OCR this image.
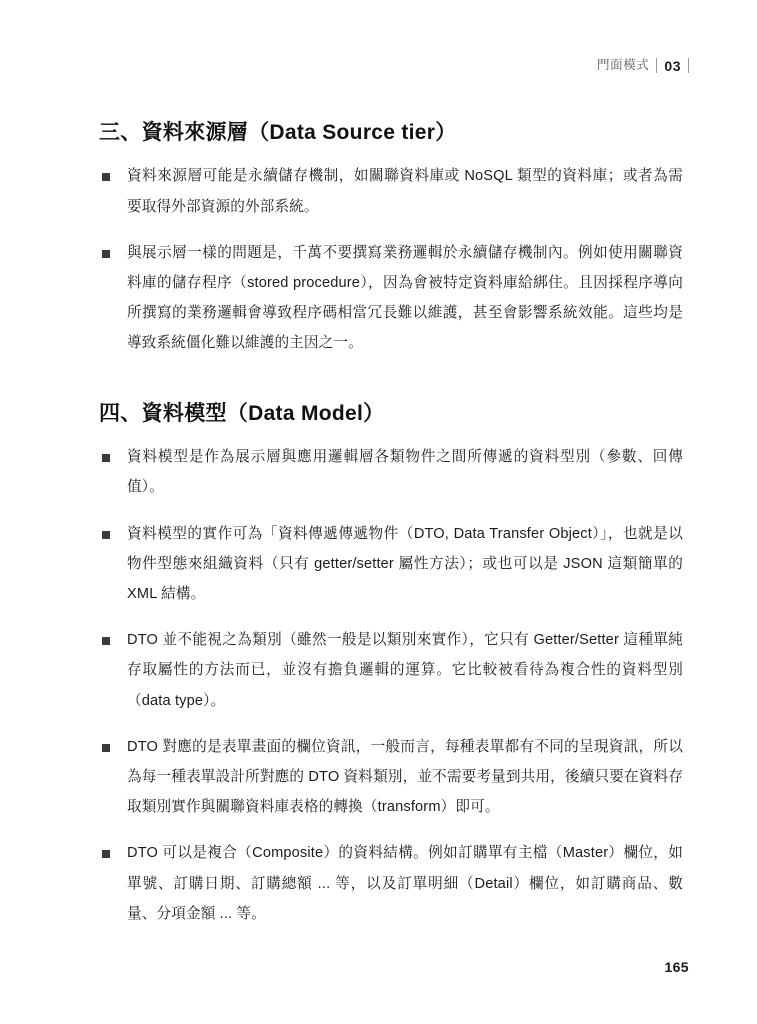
門面模式 03
三、資料來源層（Data Source tier）
資料來源層可能是永續儲存機制，如關聯資料庫或 NoSQL 類型的資料庫；或者為需要取得外部資源的外部系統。
與展示層一樣的問題是，千萬不要撰寫業務邏輯於永續儲存機制內。例如使用關聯資料庫的儲存程序（stored procedure），因為會被特定資料庫給綁住。且因採程序導向所撰寫的業務邏輯會導致程序碼相當冗長難以維護，甚至會影響系統效能。這些均是導致系統僵化難以維護的主因之一。
四、資料模型（Data Model）
資料模型是作為展示層與應用邏輯層各類物件之間所傳遞的資料型別（參數、回傳值）。
資料模型的實作可為「資料傳遞傳遞物件（DTO, Data Transfer Object）」，也就是以物件型態來組織資料（只有 getter/setter 屬性方法）；或也可以是 JSON 這類簡單的 XML 結構。
DTO 並不能視之為類別（雖然一般是以類別來實作），它只有 Getter/Setter 這種單純存取屬性的方法而已，並沒有擔負邏輯的運算。它比較被看待為複合性的資料型別（data type）。
DTO 對應的是表單畫面的欄位資訊，一般而言，每種表單都有不同的呈現資訊，所以為每一種表單設計所對應的 DTO 資料類別，並不需要考量到共用，後續只要在資料存取類別實作與關聯資料庫表格的轉換（transform）即可。
DTO 可以是複合（Composite）的資料結構。例如訂購單有主檔（Master）欄位，如單號、訂購日期、訂購總額 ... 等，以及訂單明細（Detail）欄位，如訂購商品、數量、分項金額 ... 等。
165
